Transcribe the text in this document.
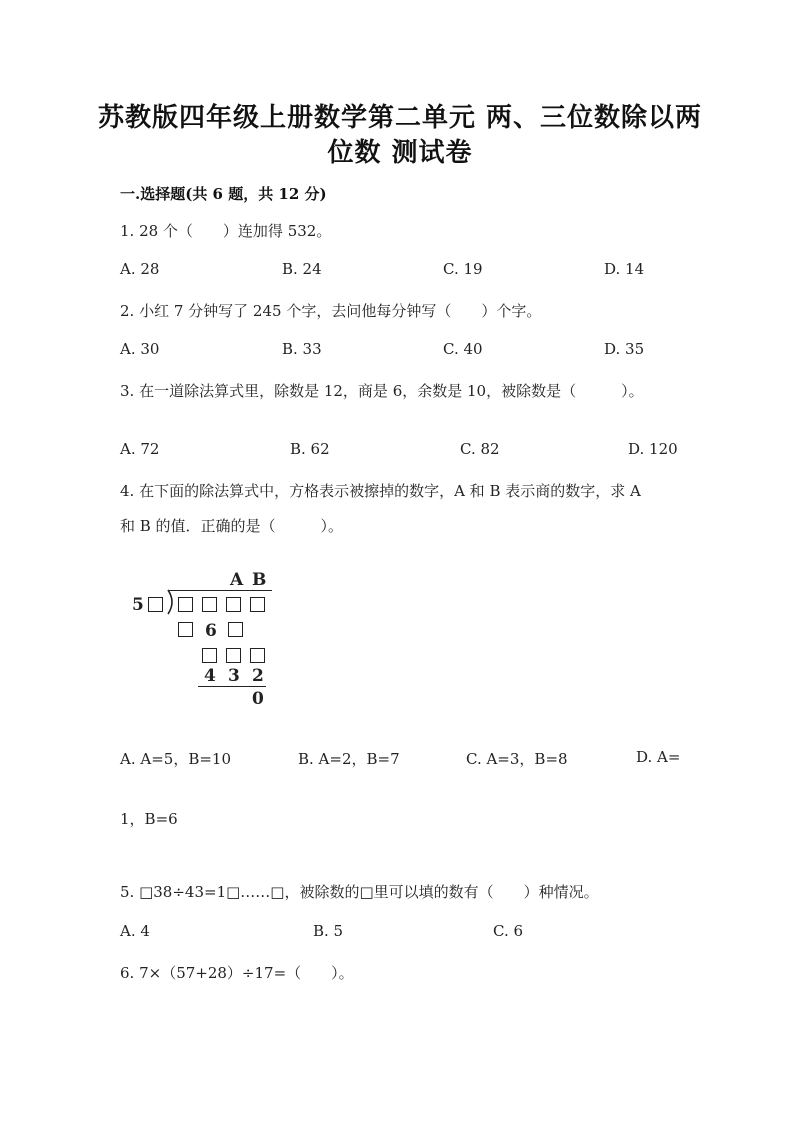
苏教版四年级上册数学第二单元 两、三位数除以两
位数 测试卷
一.选择题(共 6 题，共 12 分)
1. 28 个（　　）连加得 532。
A. 28	B. 24	C. 19	D. 14
2. 小红 7 分钟写了 245 个字，去问他每分钟写（　　）个字。
A. 30	B. 33	C. 40	D. 35
3. 在一道除法算式里，除数是 12，商是 6，余数是 10，被除数是（　　　）。
A. 72	B. 62	C. 82	D. 120
4. 在下面的除法算式中，方格表示被擦掉的数字，A 和 B 表示商的数字，求 A
和 B 的值．正确的是（　　　）。
A B
5
6
4 3 2
0
A. A=5，B=10	B. A=2，B=7	C. A=3，B=8	D. A=
1，B=6
5. □38÷43=1□……□，被除数的□里可以填的数有（　　）种情况。
A. 4	B. 5	C. 6
6. 7×（57+28）÷17=（　　）。
